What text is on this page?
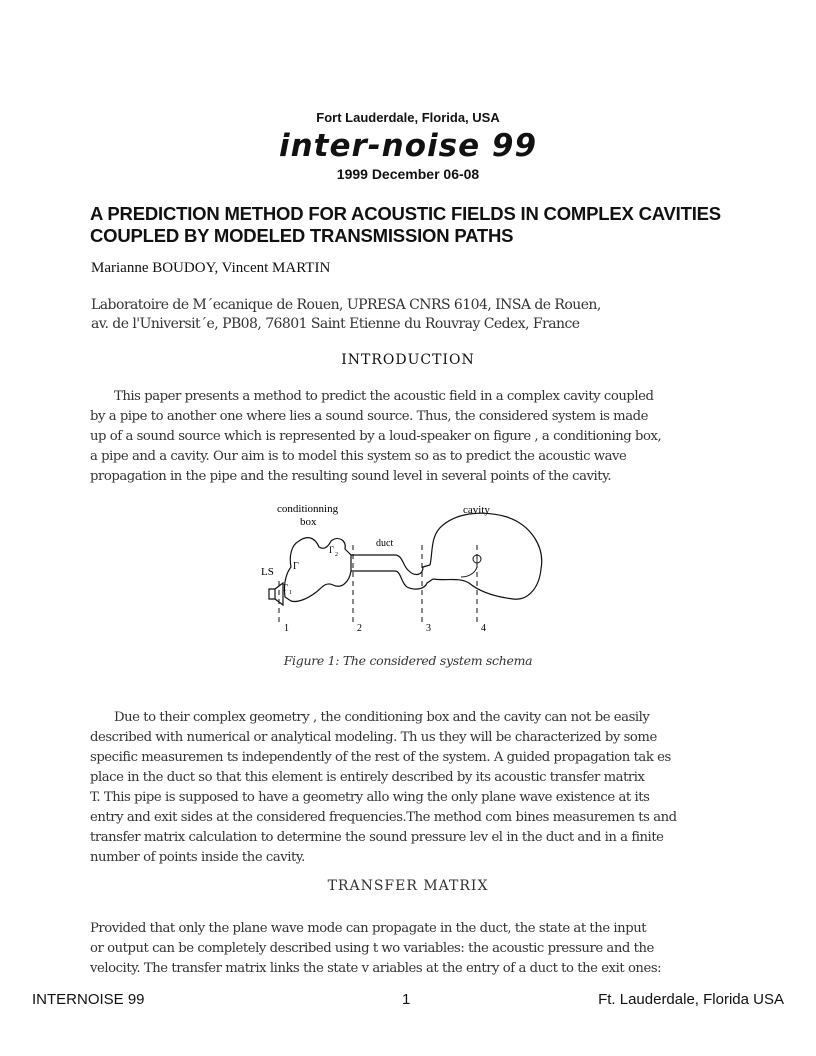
Fort Lauderdale, Florida, USA
inter-noise 99
1999 December 06-08
A PREDICTION METHOD FOR ACOUSTIC FIELDS IN COMPLEX CAVITIES COUPLED BY MODELED TRANSMISSION PATHS
Marianne BOUDOY, Vincent MARTIN
Laboratoire de M´ecanique de Rouen, UPRESA CNRS 6104, INSA de Rouen,
av. de l'Universit´e, PB08, 76801 Saint Etienne du Rouvray Cedex, France
INTRODUCTION
This paper presents a method to predict the acoustic field in a complex cavity coupled
by a pipe to another one where lies a sound source. Thus, the considered system is made
up of a sound source which is represented by a loud-speaker on figure , a conditioning box,
a pipe and a cavity. Our aim is to model this system so as to predict the acoustic wave
propagation in the pipe and the resulting sound level in several points of the cavity.
conditionning
box
duct
cavity
LS Γ
Γ 1
Γ 2
1	2	3	4
Figure 1: The considered system schema
Due to their complex geometry , the conditioning box and the cavity can not be easily
described with numerical or analytical modeling. Th us they will be characterized by some
specific measuremen ts independently of the rest of the system. A guided propagation tak es
place in the duct so that this element is entirely described by its acoustic transfer matrix
T. This pipe is supposed to have a geometry allo wing the only plane wave existence at its
entry and exit sides at the considered frequencies.The method com bines measuremen ts and
transfer matrix calculation to determine the sound pressure lev el in the duct and in a finite
number of points inside the cavity.
TRANSFER MATRIX
Provided that only the plane wave mode can propagate in the duct, the state at the input
or output can be completely described using t wo variables: the acoustic pressure and the
velocity. The transfer matrix links the state v ariables at the entry of a duct to the exit ones:
INTERNOISE 99	1	Ft. Lauderdale, Florida USA
